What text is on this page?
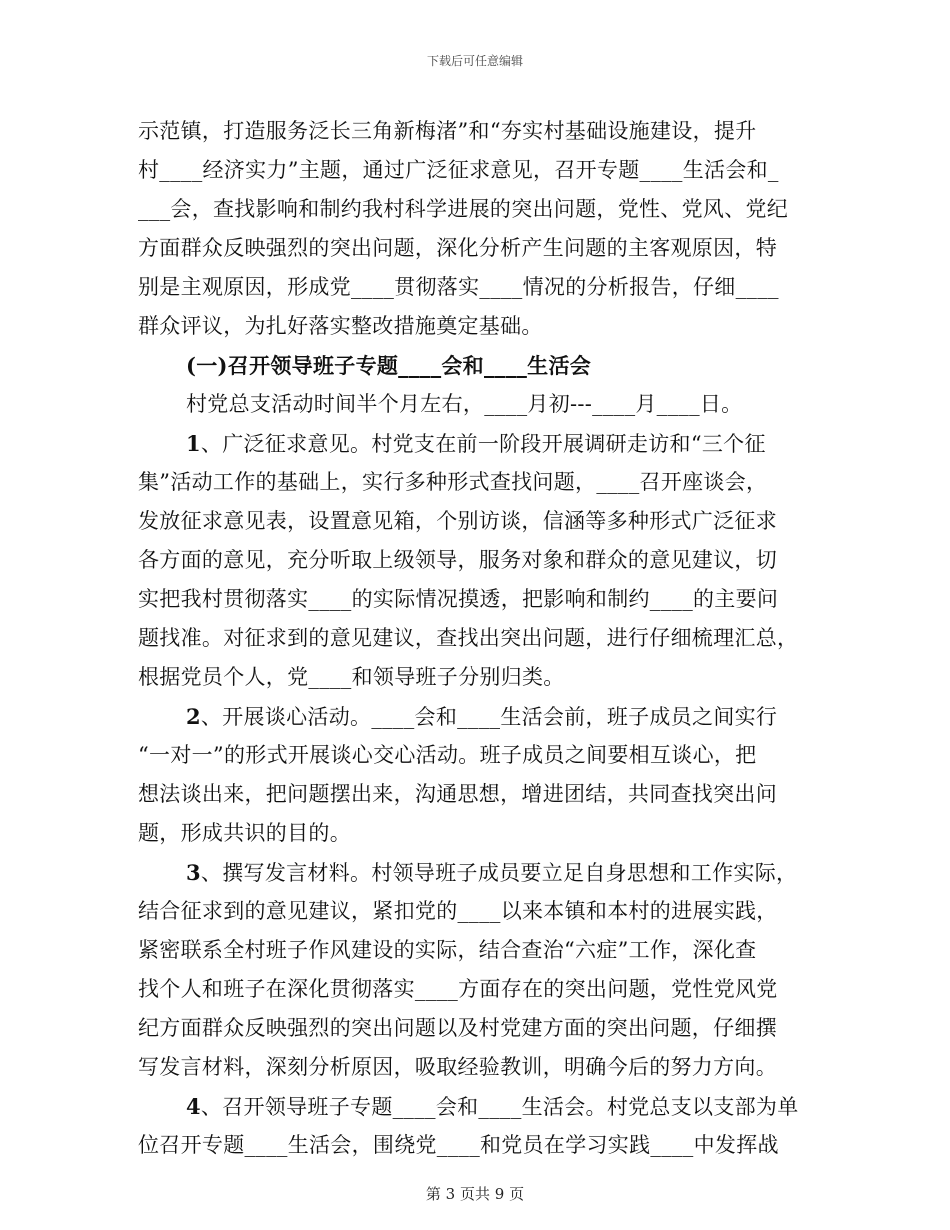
下载后可任意编辑
示范镇，打造服务泛长三角新梅渚”和“夯实村基础设施建设，提升
村____经济实力”主题，通过广泛征求意见，召开专题____生活会和_
___会，查找影响和制约我村科学进展的突出问题，党性、党风、党纪
方面群众反映强烈的突出问题，深化分析产生问题的主客观原因，特
别是主观原因，形成党____贯彻落实____情况的分析报告，仔细____
群众评议，为扎好落实整改措施奠定基础。
(一)召开领导班子专题____会和____生活会
村党总支活动时间半个月左右，____月初---____月____日。
1、广泛征求意见。村党支在前一阶段开展调研走访和“三个征
集”活动工作的基础上，实行多种形式查找问题，____召开座谈会，
发放征求意见表，设置意见箱，个别访谈，信涵等多种形式广泛征求
各方面的意见，充分听取上级领导，服务对象和群众的意见建议，切
实把我村贯彻落实____的实际情况摸透，把影响和制约____的主要问
题找准。对征求到的意见建议，查找出突出问题，进行仔细梳理汇总，
根据党员个人，党____和领导班子分别归类。
2、开展谈心活动。____会和____生活会前，班子成员之间实行
“一对一”的形式开展谈心交心活动。班子成员之间要相互谈心，把
想法谈出来，把问题摆出来，沟通思想，增进团结，共同查找突出问
题，形成共识的目的。
3、撰写发言材料。村领导班子成员要立足自身思想和工作实际，
结合征求到的意见建议，紧扣党的____以来本镇和本村的进展实践，
紧密联系全村班子作风建设的实际，结合查治“六症”工作，深化查
找个人和班子在深化贯彻落实____方面存在的突出问题，党性党风党
纪方面群众反映强烈的突出问题以及村党建方面的突出问题，仔细撰
写发言材料，深刻分析原因，吸取经验教训，明确今后的努力方向。
4、召开领导班子专题____会和____生活会。村党总支以支部为单
位召开专题____生活会，围绕党____和党员在学习实践____中发挥战
第 3 页共 9 页
